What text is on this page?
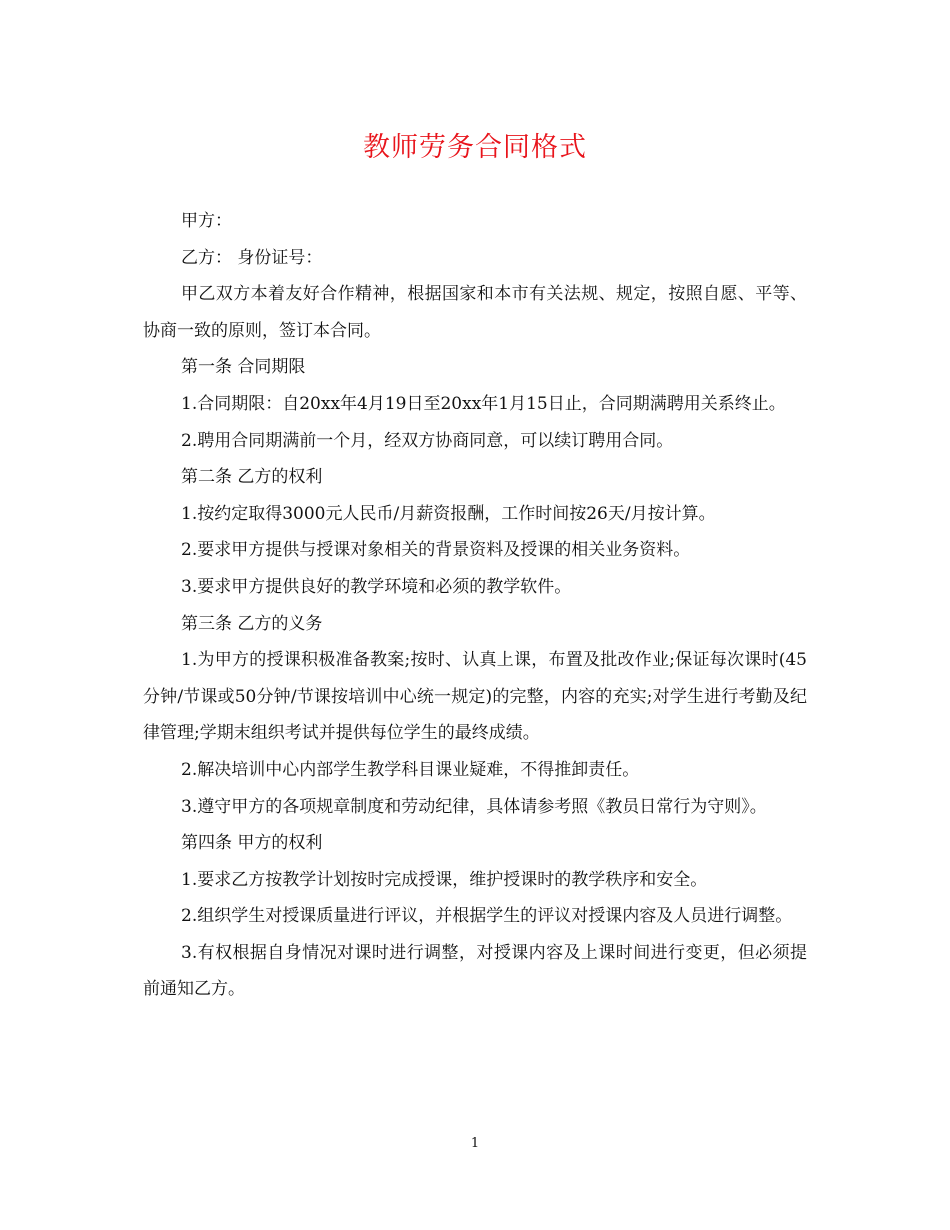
教师劳务合同格式

甲方：

乙方： 身份证号：

甲乙双方本着友好合作精神，根据国家和本市有关法规、规定，按照自愿、平等、协商一致的原则，签订本合同。

第一条 合同期限

1.合同期限：自20xx年4月19日至20xx年1月15日止，合同期满聘用关系终止。

2.聘用合同期满前一个月，经双方协商同意，可以续订聘用合同。

第二条 乙方的权利

1.按约定取得3000元人民币/月薪资报酬，工作时间按26天/月按计算。

2.要求甲方提供与授课对象相关的背景资料及授课的相关业务资料。

3.要求甲方提供良好的教学环境和必须的教学软件。

第三条 乙方的义务

1.为甲方的授课积极准备教案;按时、认真上课，布置及批改作业;保证每次课时(45分钟/节课或50分钟/节课按培训中心统一规定)的完整，内容的充实;对学生进行考勤及纪律管理;学期末组织考试并提供每位学生的最终成绩。

2.解决培训中心内部学生教学科目课业疑难，不得推卸责任。

3.遵守甲方的各项规章制度和劳动纪律，具体请参考照《教员日常行为守则》。

第四条 甲方的权利

1.要求乙方按教学计划按时完成授课，维护授课时的教学秩序和安全。

2.组织学生对授课质量进行评议，并根据学生的评议对授课内容及人员进行调整。

3.有权根据自身情况对课时进行调整，对授课内容及上课时间进行变更，但必须提前通知乙方。

1
